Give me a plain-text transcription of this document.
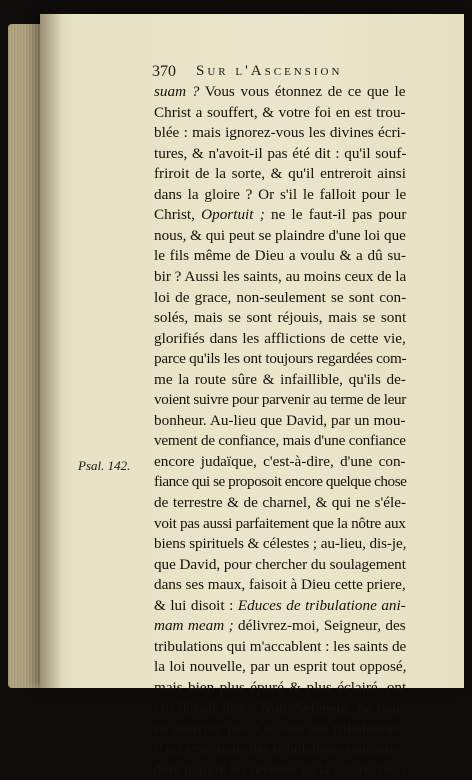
370 Sur l'Ascension
Psal. 142.
suam ? Vous vous étonnez de ce que le
Christ a souffert, & votre foi en est trou-
blée : mais ignorez-vous les divines écri-
tures, & n'avoit-il pas été dit : qu'il souf-
friroit de la sorte, & qu'il entreroit ainsi
dans la gloire ? Or s'il le falloit pour le
Christ, Oportuit ; ne le faut-il pas pour
nous, & qui peut se plaindre d'une loi que
le fils même de Dieu a voulu & a dû su-
bir ? Aussi les saints, au moins ceux de la
loi de grace, non-seulement se sont con-
solés, mais se sont réjouis, mais se sont
glorifiés dans les afflictions de cette vie,
parce qu'ils les ont toujours regardées com-
me la route sûre & infaillible, qu'ils de-
voient suivre pour parvenir au terme de leur
bonheur. Au-lieu que David, par un mou-
vement de confiance, mais d'une confiance
encore judaïque, c'est-à-dire, d'une con-
fiance qui se proposoit encore quelque chose
de terrestre & de charnel, & qui ne s'éle-
voit pas aussi parfaitement que la nôtre aux
biens spirituels & célestes ; au-lieu, dis-je,
que David, pour chercher du soulagement
dans ses maux, faisoit à Dieu cette priere,
& lui disoit : Educes de tribulatione ani-
mam meam ; délivrez-moi, Seigneur, des
tribulations qui m'accablent : les saints de
la loi nouvelle, par un esprit tout opposé,
mais bien plus épuré & plus éclairé, ont
cru devoir dire : Non, Seigneur, ne nous
en délivrez pas. Ce sont des tribulations,
il est vrai, mais des tribulations salutaires,
dont malgré les révoltes de la nature, nous
